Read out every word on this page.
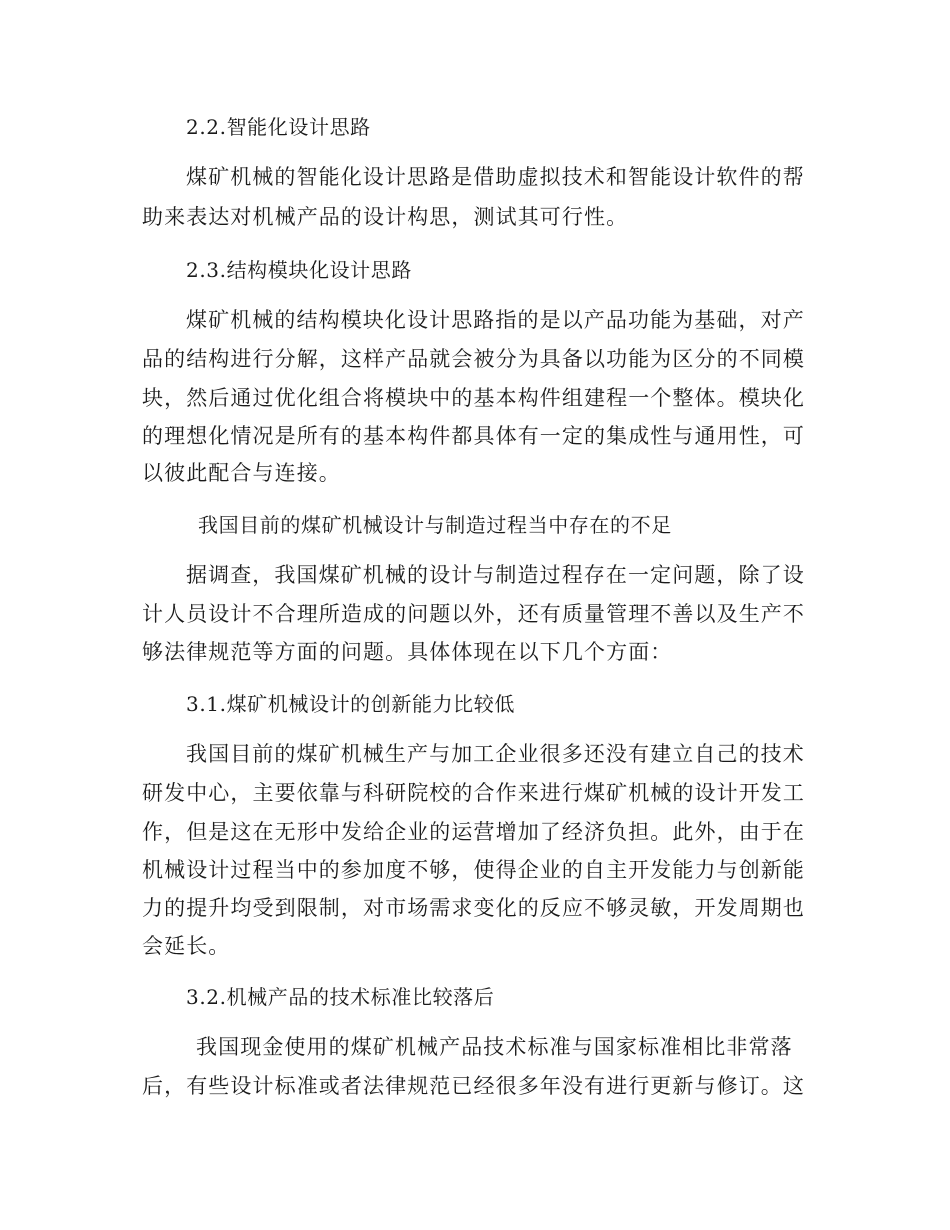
2.2.智能化设计思路
煤矿机械的智能化设计思路是借助虚拟技术和智能设计软件的帮
助来表达对机械产品的设计构思，测试其可行性。
2.3.结构模块化设计思路
煤矿机械的结构模块化设计思路指的是以产品功能为基础，对产
品的结构进行分解，这样产品就会被分为具备以功能为区分的不同模
块，然后通过优化组合将模块中的基本构件组建程一个整体。模块化
的理想化情况是所有的基本构件都具体有一定的集成性与通用性，可
以彼此配合与连接。
我国目前的煤矿机械设计与制造过程当中存在的不足
据调查，我国煤矿机械的设计与制造过程存在一定问题，除了设
计人员设计不合理所造成的问题以外，还有质量管理不善以及生产不
够法律规范等方面的问题。具体体现在以下几个方面：
3.1.煤矿机械设计的创新能力比较低
我国目前的煤矿机械生产与加工企业很多还没有建立自己的技术
研发中心，主要依靠与科研院校的合作来进行煤矿机械的设计开发工
作，但是这在无形中发给企业的运营增加了经济负担。此外，由于在
机械设计过程当中的参加度不够，使得企业的自主开发能力与创新能
力的提升均受到限制，对市场需求变化的反应不够灵敏，开发周期也
会延长。
3.2.机械产品的技术标准比较落后
我国现金使用的煤矿机械产品技术标准与国家标准相比非常落
后，有些设计标准或者法律规范已经很多年没有进行更新与修订。这
